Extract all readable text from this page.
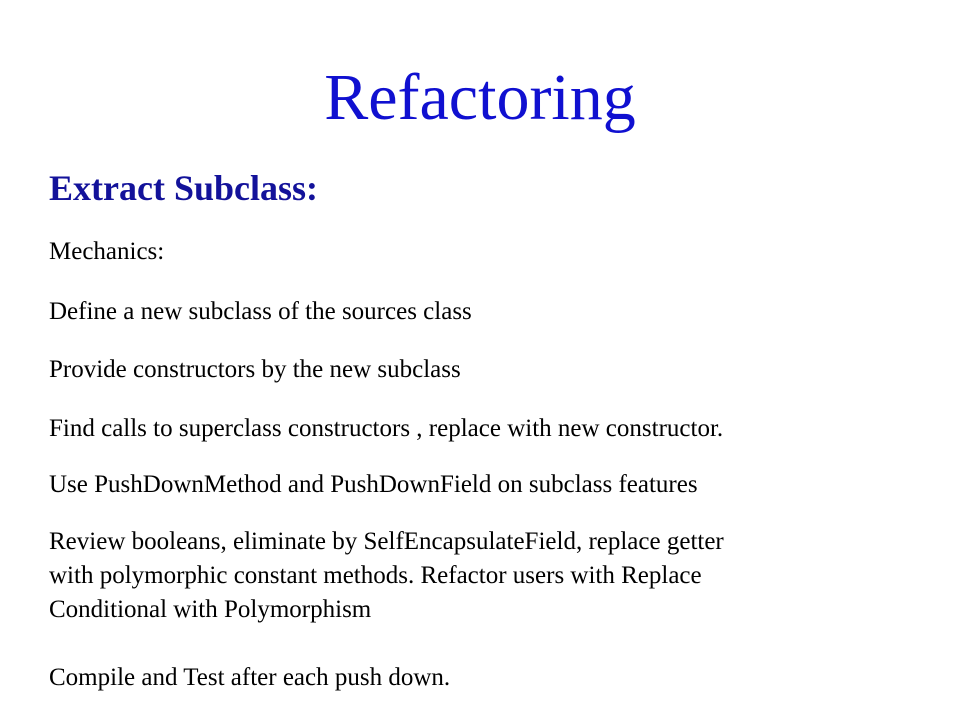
Refactoring
Extract Subclass:
Mechanics:
Define a new subclass of the sources class
Provide constructors by the new subclass
Find calls to superclass constructors , replace with new constructor.
Use PushDownMethod and PushDownField on subclass features
Review booleans, eliminate by SelfEncapsulateField, replace getter
with polymorphic constant methods. Refactor users with Replace
Conditional with Polymorphism
Compile and Test after each push down.
